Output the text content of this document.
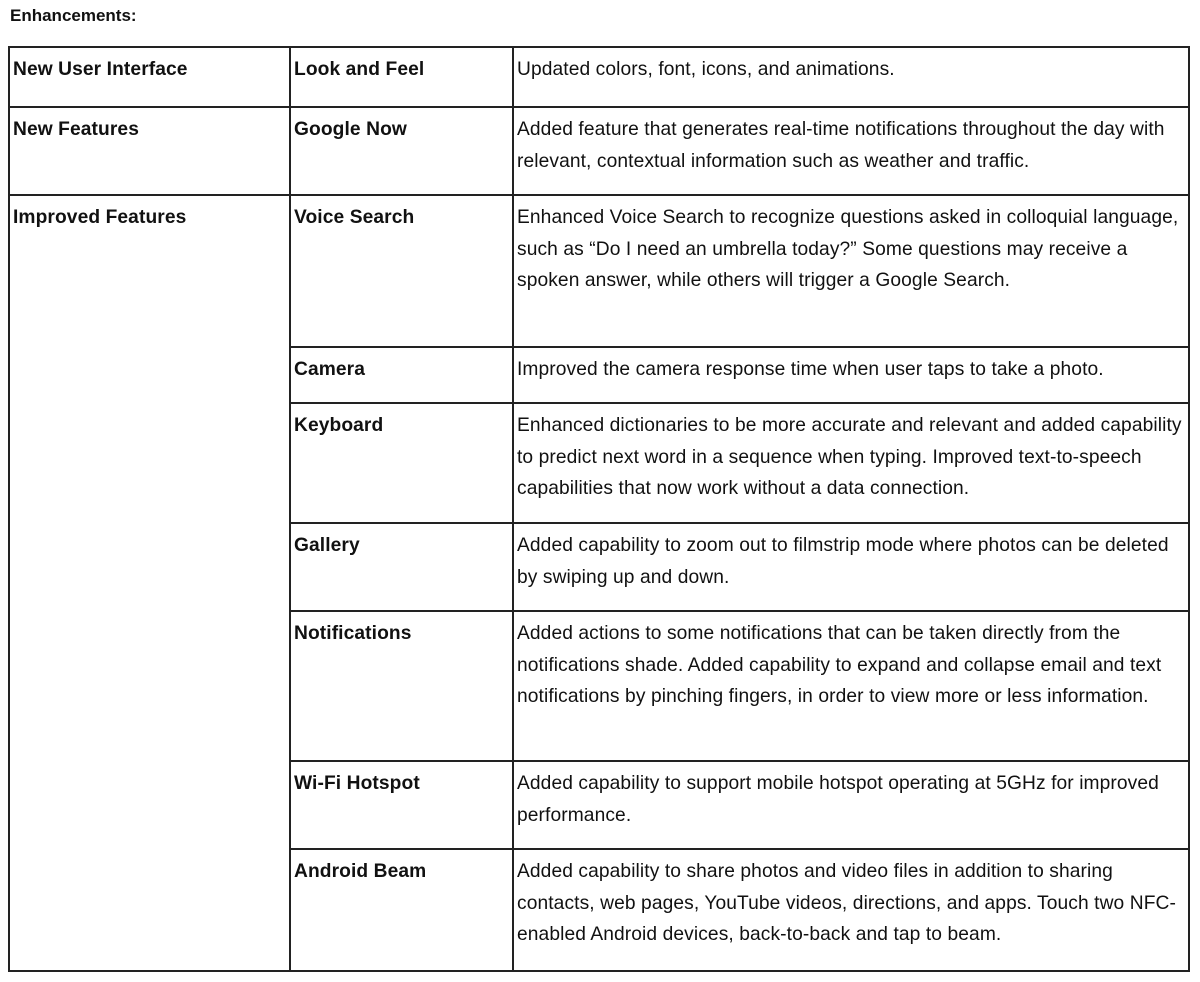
Enhancements:
New User Interface	Look and Feel	Updated colors, font, icons, and animations.
New Features	Google Now	Added feature that generates real-time notifications throughout the day with relevant, contextual information such as weather and traffic.
Improved Features	Voice Search	Enhanced Voice Search to recognize questions asked in colloquial language, such as “Do I need an umbrella today?” Some questions may receive a spoken answer, while others will trigger a Google Search.
	Camera	Improved the camera response time when user taps to take a photo.
	Keyboard	Enhanced dictionaries to be more accurate and relevant and added capability to predict next word in a sequence when typing. Improved text-to-speech capabilities that now work without a data connection.
	Gallery	Added capability to zoom out to filmstrip mode where photos can be deleted by swiping up and down.
	Notifications	Added actions to some notifications that can be taken directly from the notifications shade. Added capability to expand and collapse email and text notifications by pinching fingers, in order to view more or less information.
	Wi-Fi Hotspot	Added capability to support mobile hotspot operating at 5GHz for improved performance.
	Android Beam	Added capability to share photos and video files in addition to sharing contacts, web pages, YouTube videos, directions, and apps. Touch two NFC-enabled Android devices, back-to-back and tap to beam.
